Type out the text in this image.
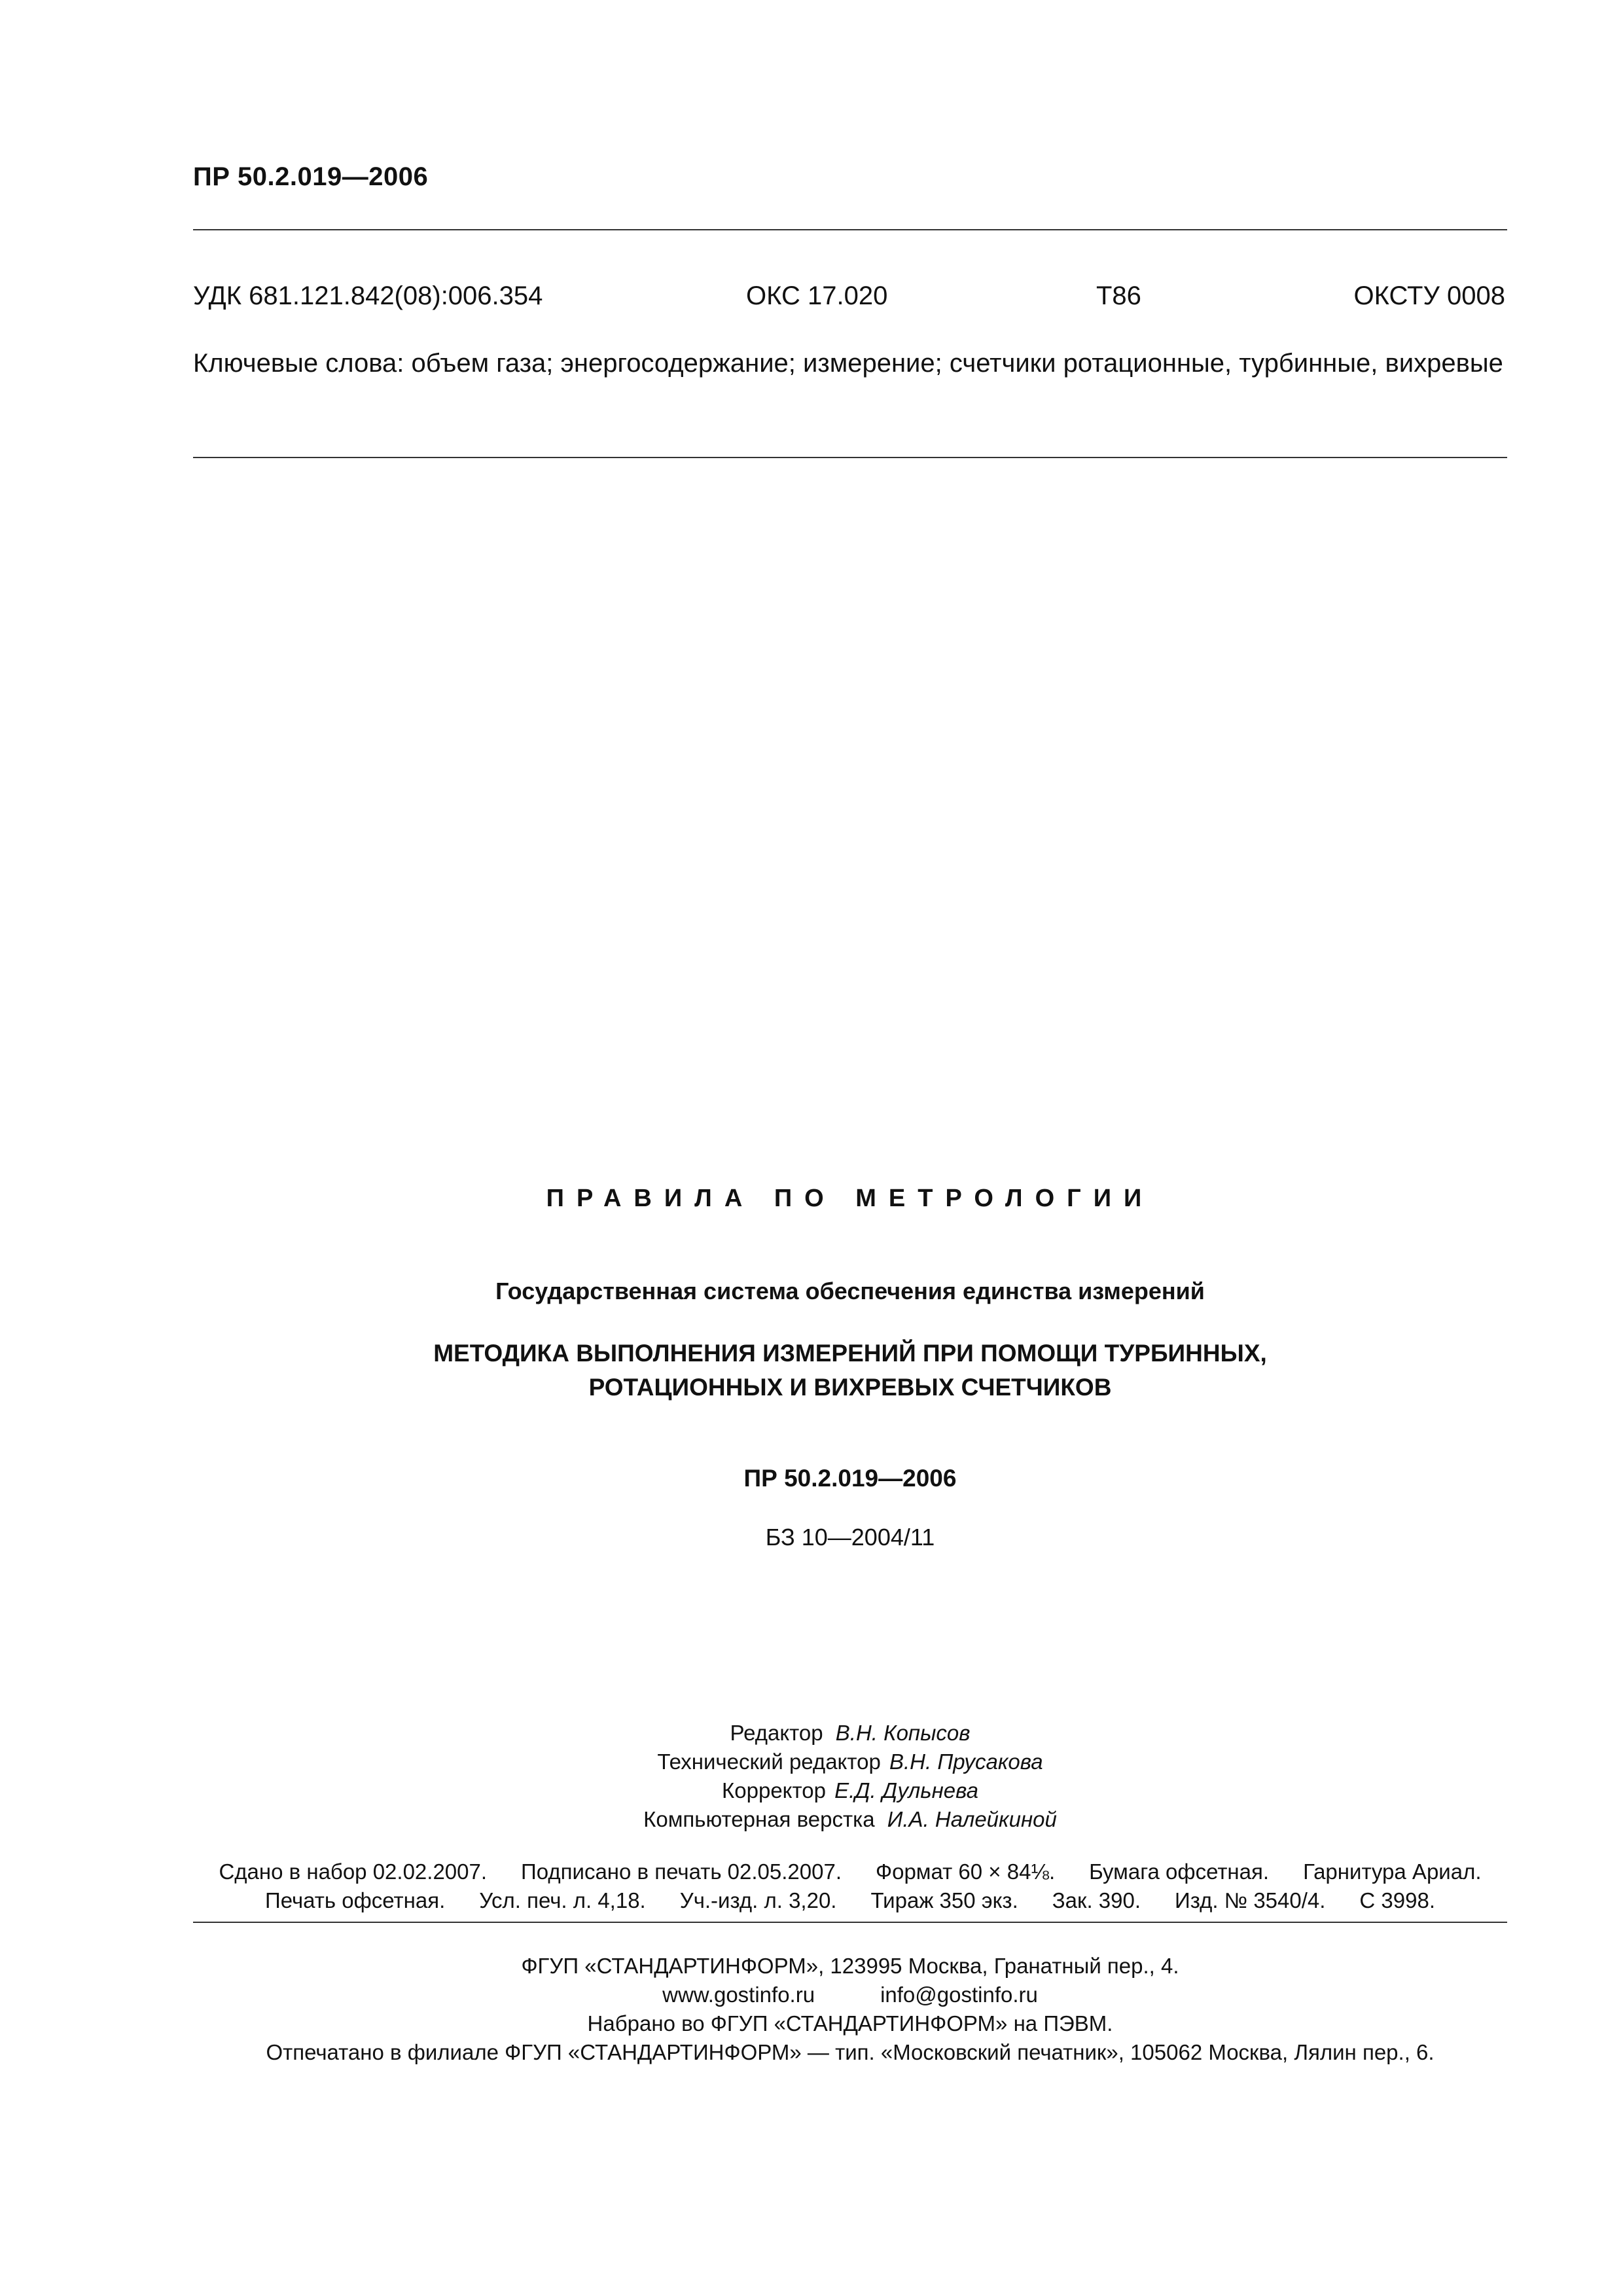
ПР 50.2.019—2006
УДК 681.121.842(08):006.354	ОКС 17.020	Т86	ОКСТУ 0008
Ключевые слова: объем газа; энергосодержание; измерение; счетчики ротационные, турбинные, вихревые
ПРАВИЛА ПО МЕТРОЛОГИИ
Государственная система обеспечения единства измерений
МЕТОДИКА ВЫПОЛНЕНИЯ ИЗМЕРЕНИЙ ПРИ ПОМОЩИ ТУРБИННЫХ,
РОТАЦИОННЫХ И ВИХРЕВЫХ СЧЕТЧИКОВ
ПР 50.2.019—2006
БЗ 10—2004/11
Редактор В.Н. Копысов
Технический редактор В.Н. Прусакова
Корректор Е.Д. Дульнева
Компьютерная верстка И.А. Налейкиной
Сдано в набор 02.02.2007. Подписано в печать 02.05.2007. Формат 60 × 84⅛. Бумага офсетная. Гарнитура Ариал.
Печать офсетная. Усл. печ. л. 4,18. Уч.-изд. л. 3,20. Тираж 350 экз. Зак. 390. Изд. № 3540/4. С 3998.
ФГУП «СТАНДАРТИНФОРМ», 123995 Москва, Гранатный пер., 4.
www.gostinfo.ru	info@gostinfo.ru
Набрано во ФГУП «СТАНДАРТИНФОРМ» на ПЭВМ.
Отпечатано в филиале ФГУП «СТАНДАРТИНФОРМ» — тип. «Московский печатник», 105062 Москва, Лялин пер., 6.
